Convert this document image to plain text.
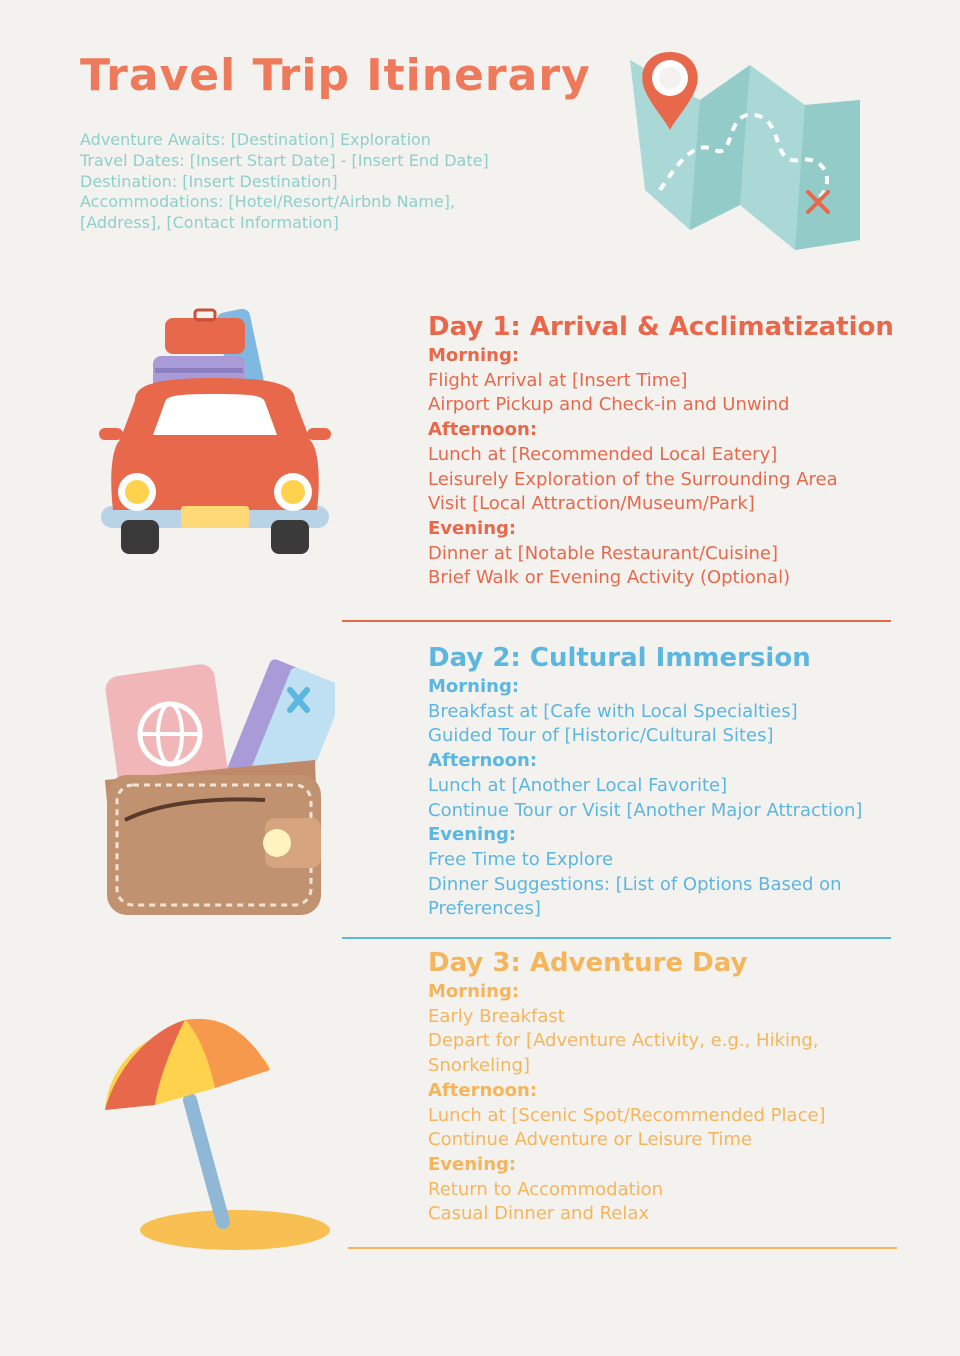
Travel Trip Itinerary
Adventure Awaits: [Destination] Exploration
Travel Dates: [Insert Start Date] - [Insert End Date]
Destination: [Insert Destination]
Accommodations: [Hotel/Resort/Airbnb Name],
[Address], [Contact Information]
Day 1: Arrival & Acclimatization
Morning:
Flight Arrival at [Insert Time]
Airport Pickup and Check-in and Unwind
Afternoon:
Lunch at [Recommended Local Eatery]
Leisurely Exploration of the Surrounding Area
Visit [Local Attraction/Museum/Park]
Evening:
Dinner at [Notable Restaurant/Cuisine]
Brief Walk or Evening Activity (Optional)
Day 2: Cultural Immersion
Morning:
Breakfast at [Cafe with Local Specialties]
Guided Tour of [Historic/Cultural Sites]
Afternoon:
Lunch at [Another Local Favorite]
Continue Tour or Visit [Another Major Attraction]
Evening:
Free Time to Explore
Dinner Suggestions: [List of Options Based on Preferences]
Day 3: Adventure Day
Morning:
Early Breakfast
Depart for [Adventure Activity, e.g., Hiking, Snorkeling]
Afternoon:
Lunch at [Scenic Spot/Recommended Place]
Continue Adventure or Leisure Time
Evening:
Return to Accommodation
Casual Dinner and Relax
